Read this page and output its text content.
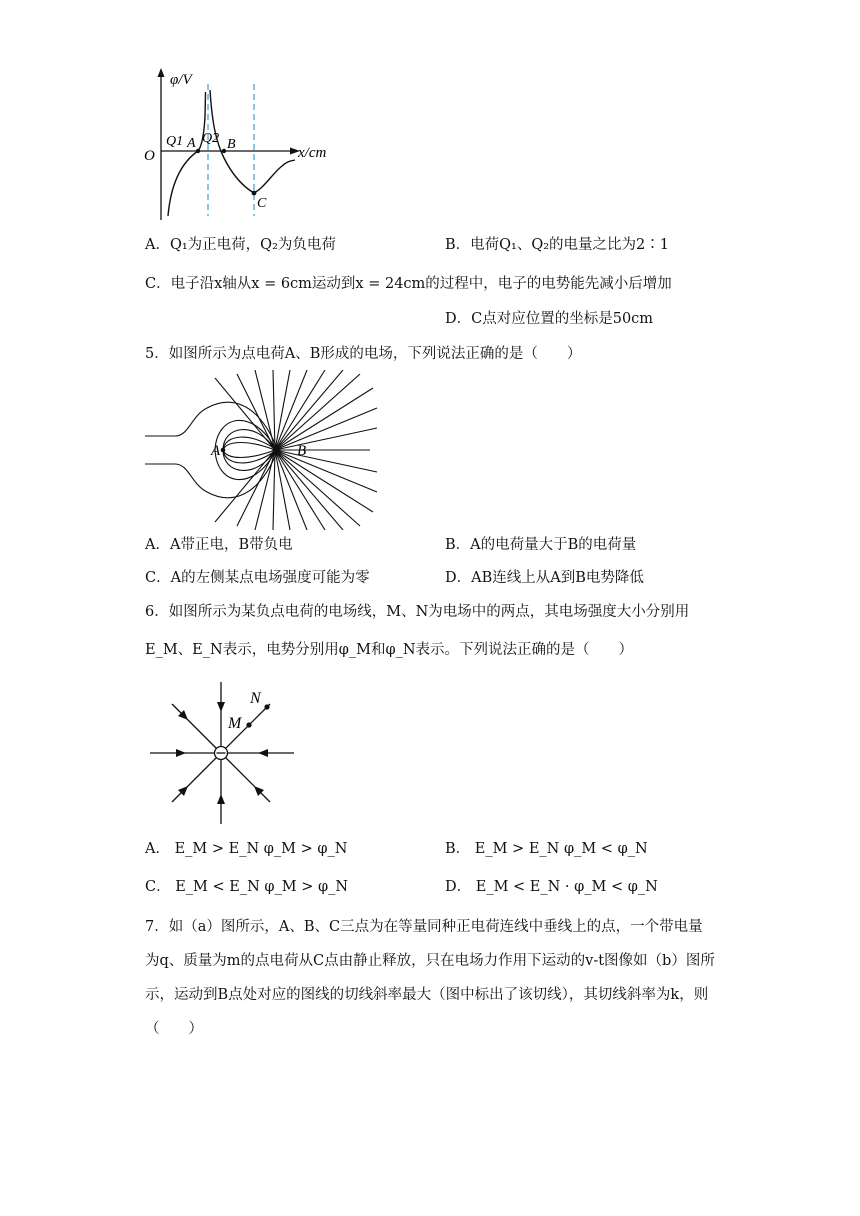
φ/V
x/cm
O
Q1 A Q2 B
C
A．Q₁为正电荷，Q₂为负电荷	B．电荷Q₁、Q₂的电量之比为2∶1
C．电子沿x轴从x = 6cm运动到x = 24cm的过程中，电子的电势能先减小后增加
D．C点对应位置的坐标是50cm
5．如图所示为点电荷A、B形成的电场，下列说法正确的是（　　）
A	B
A．A带正电，B带负电	B．A的电荷量大于B的电荷量
C．A的左侧某点电场强度可能为零	D．AB连线上从A到B电势降低
6．如图所示为某负点电荷的电场线，M、N为电场中的两点，其电场强度大小分别用
E_M、E_N表示，电势分别用φ_M和φ_N表示。下列说法正确的是（　　）
M
N
A． E_M > E_N φ_M > φ_N	B． E_M > E_N φ_M < φ_N
C． E_M < E_N φ_M > φ_N	D． E_M < E_N · φ_M < φ_N
7．如（a）图所示，A、B、C三点为在等量同种正电荷连线中垂线上的点，一个带电量为q、质量为m的点电荷从C点由静止释放，只在电场力作用下运动的v-t图像如（b）图所示，运动到B点处对应的图线的切线斜率最大（图中标出了该切线），其切线斜率为k，则（　　）
